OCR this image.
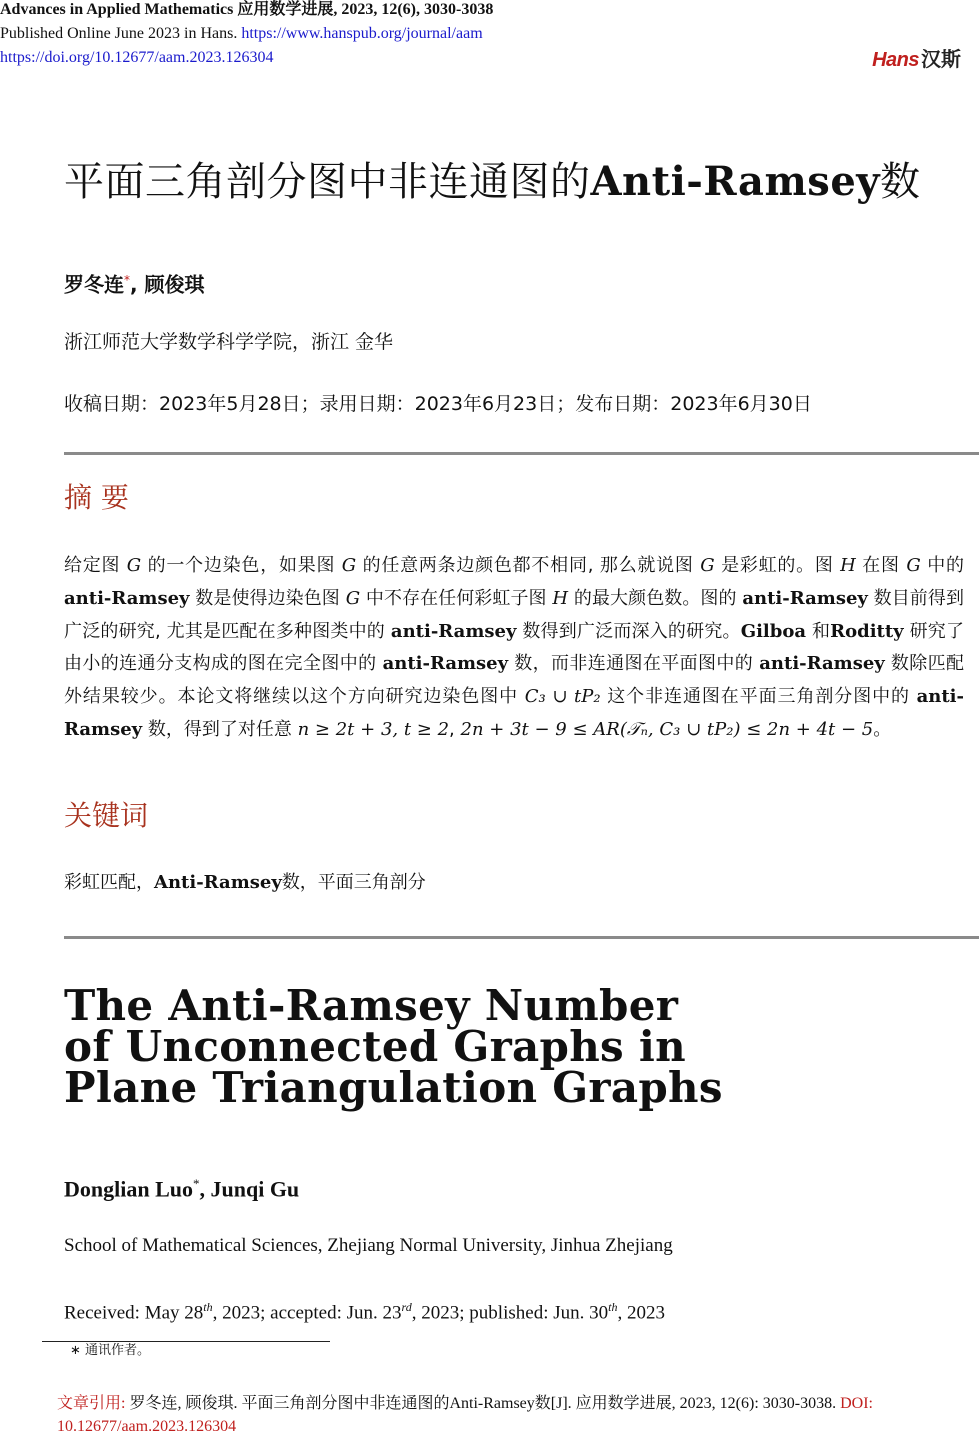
Advances in Applied Mathematics 应用数学进展, 2023, 12(6), 3030-3038
Published Online June 2023 in Hans. https://www.hanspub.org/journal/aam
https://doi.org/10.12677/aam.2023.126304	Hans 汉斯
平面三角剖分图中非连通图的Anti-Ramsey数
罗冬连*, 顾俊琪
浙江师范大学数学科学学院，浙江 金华
收稿日期：2023年5月28日；录用日期：2023年6月23日；发布日期：2023年6月30日
摘 要
给定图 G 的一个边染色，如果图 G 的任意两条边颜色都不相同, 那么就说图 G 是彩虹的。图 H 在图 G 中的 anti-Ramsey 数是使得边染色图 G 中不存在任何彩虹子图 H 的最大颜色数。图的 anti-Ramsey 数目前得到广泛的研究, 尤其是匹配在多种图类中的 anti-Ramsey 数得到广泛而深入的研究。Gilboa 和Roditty 研究了由小的连通分支构成的图在完全图中的 anti-Ramsey 数，而非连通图在平面图中的 anti-Ramsey 数除匹配外结果较少。本论文将继续以这个方向研究边染色图中 C₃ ∪ tP₂ 这个非连通图在平面三角剖分图中的 anti-Ramsey 数，得到了对任意 n ≥ 2t + 3, t ≥ 2, 2n + 3t − 9 ≤ AR(𝒯ₙ, C₃ ∪ tP₂) ≤ 2n + 4t − 5。
关键词
彩虹匹配，Anti-Ramsey数，平面三角剖分
The Anti-Ramsey Number
of Unconnected Graphs in
Plane Triangulation Graphs
Donglian Luo*, Junqi Gu
School of Mathematical Sciences, Zhejiang Normal University, Jinhua Zhejiang
Received: May 28th, 2023; accepted: Jun. 23rd, 2023; published: Jun. 30th, 2023
∗ 通讯作者。
文章引用: 罗冬连, 顾俊琪. 平面三角剖分图中非连通图的Anti-Ramsey数[J]. 应用数学进展, 2023, 12(6): 3030-3038. DOI: 10.12677/aam.2023.126304
